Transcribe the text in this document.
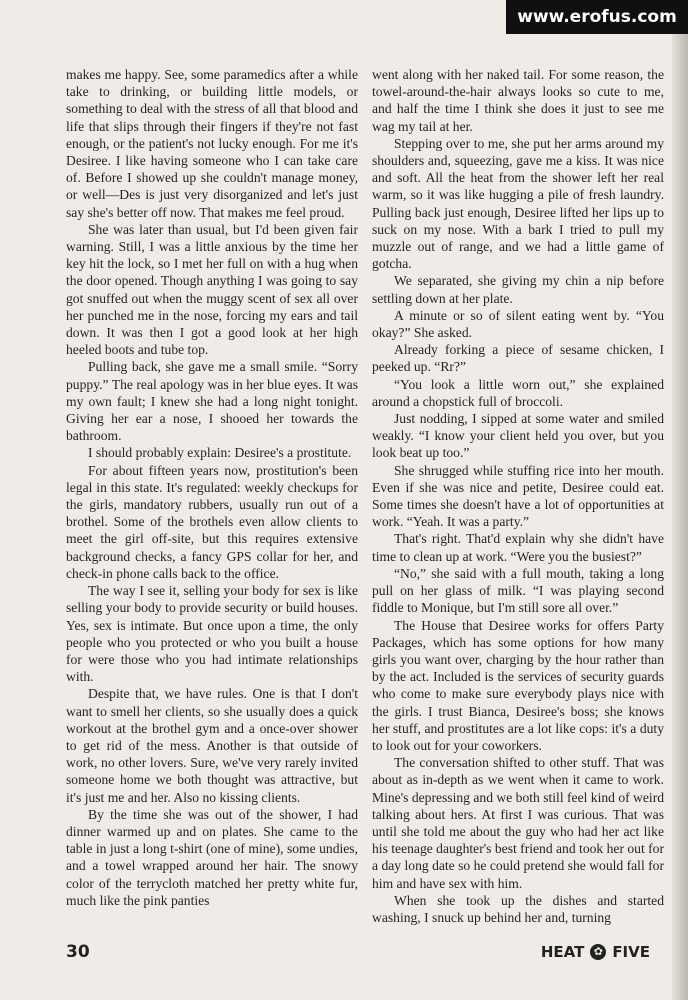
makes me happy. See, some paramedics after a while take to drinking, or building little models, or something to deal with the stress of all that blood and life that slips through their fingers if they're not fast enough, or the patient's not lucky enough. For me it's Desiree. I like having someone who I can take care of. Before I showed up she couldn't manage money, or well—Des is just very disorganized and let's just say she's better off now. That makes me feel proud.

She was later than usual, but I'd been given fair warning. Still, I was a little anxious by the time her key hit the lock, so I met her full on with a hug when the door opened. Though anything I was going to say got snuffed out when the muggy scent of sex all over her punched me in the nose, forcing my ears and tail down. It was then I got a good look at her high heeled boots and tube top.

Pulling back, she gave me a small smile. “Sorry puppy.” The real apology was in her blue eyes. It was my own fault; I knew she had a long night tonight. Giving her ear a nose, I shooed her towards the bathroom.

I should probably explain: Desiree's a prostitute.

For about fifteen years now, prostitution's been legal in this state. It's regulated: weekly checkups for the girls, mandatory rubbers, usually run out of a brothel. Some of the brothels even allow clients to meet the girl off-site, but this requires extensive background checks, a fancy GPS collar for her, and check-in phone calls back to the office.

The way I see it, selling your body for sex is like selling your body to provide security or build houses. Yes, sex is intimate. But once upon a time, the only people who you protected or who you built a house for were those who you had intimate relationships with.

Despite that, we have rules. One is that I don't want to smell her clients, so she usually does a quick workout at the brothel gym and a once-over shower to get rid of the mess. Another is that outside of work, no other lovers. Sure, we've very rarely invited someone home we both thought was attractive, but it's just me and her. Also no kissing clients.

By the time she was out of the shower, I had dinner warmed up and on plates. She came to the table in just a long t-shirt (one of mine), some undies, and a towel wrapped around her hair. The snowy color of the terrycloth matched her pretty white fur, much like the pink panties

went along with her naked tail. For some reason, the towel-around-the-hair always looks so cute to me, and half the time I think she does it just to see me wag my tail at her.

Stepping over to me, she put her arms around my shoulders and, squeezing, gave me a kiss. It was nice and soft. All the heat from the shower left her real warm, so it was like hugging a pile of fresh laundry. Pulling back just enough, Desiree lifted her lips up to suck on my nose. With a bark I tried to pull my muzzle out of range, and we had a little game of gotcha.

We separated, she giving my chin a nip before settling down at her plate.

A minute or so of silent eating went by. “You okay?” She asked.

Already forking a piece of sesame chicken, I peeked up. “Rr?”

“You look a little worn out,” she explained around a chopstick full of broccoli.

Just nodding, I sipped at some water and smiled weakly. “I know your client held you over, but you look beat up too.”

She shrugged while stuffing rice into her mouth. Even if she was nice and petite, Desiree could eat. Some times she doesn't have a lot of opportunities at work. “Yeah. It was a party.”

That's right. That'd explain why she didn't have time to clean up at work. “Were you the busiest?”

“No,” she said with a full mouth, taking a long pull on her glass of milk. “I was playing second fiddle to Monique, but I'm still sore all over.”

The House that Desiree works for offers Party Packages, which has some options for how many girls you want over, charging by the hour rather than by the act. Included is the services of security guards who come to make sure everybody plays nice with the girls. I trust Bianca, Desiree's boss; she knows her stuff, and prostitutes are a lot like cops: it's a duty to look out for your coworkers.

The conversation shifted to other stuff. That was about as in-depth as we went when it came to work. Mine's depressing and we both still feel kind of weird talking about hers. At first I was curious. That was until she told me about the guy who had her act like his teenage daughter's best friend and took her out for a day long date so he could pretend she would fall for him and have sex with him.

When she took up the dishes and started washing, I snuck up behind her and, turning

30	HEAT ✿ FIVE
www.erofus.com
